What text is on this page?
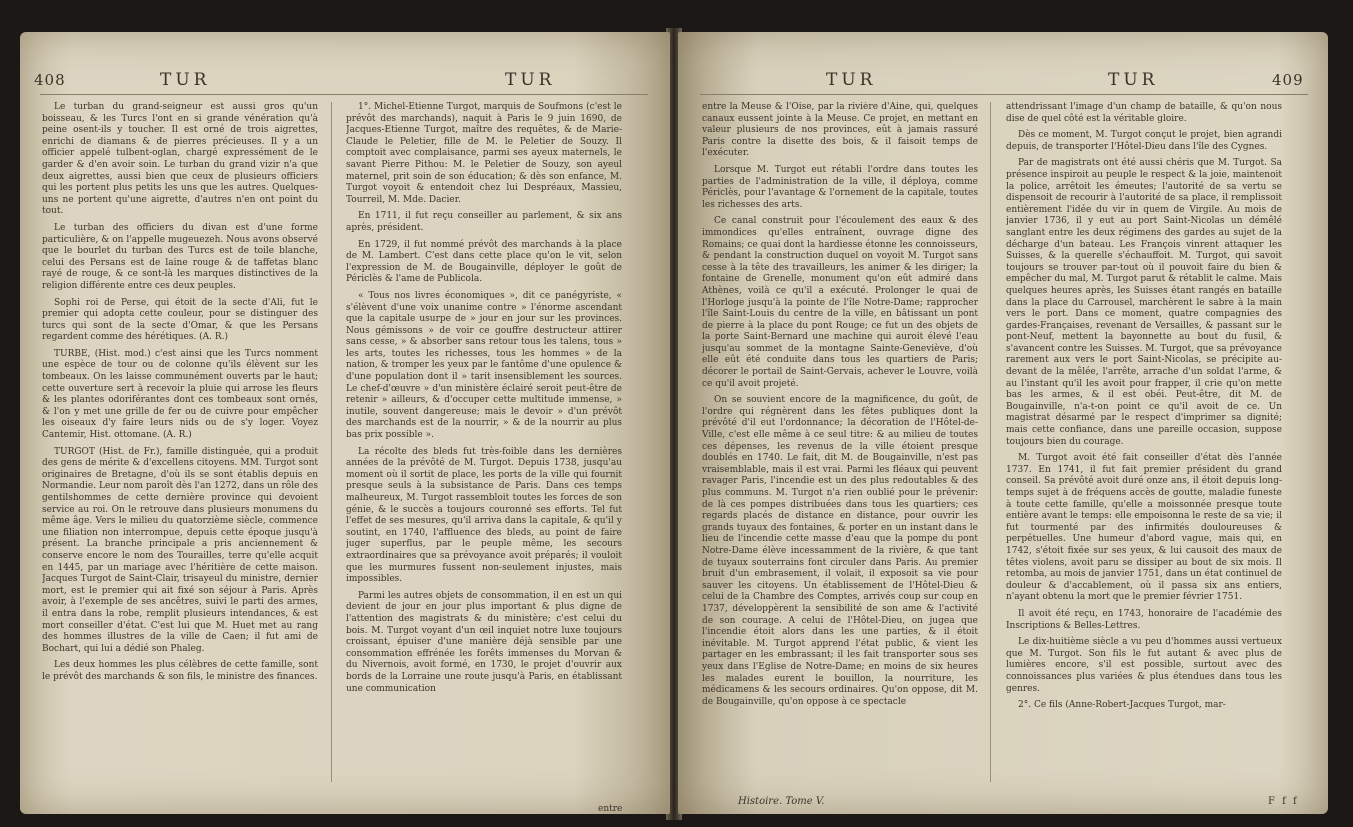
408	TUR	TUR

Le turban du grand-seigneur est aussi gros qu'un boisseau, & les Turcs l'ont en si grande vénération qu'à peine osent-ils y toucher. Il est orné de trois aigrettes, enrichi de diamans & de pierres précieuses. Il y a un officier appelé tulbent-oglan, chargé expressément de le garder & d'en avoir soin. Le turban du grand vizir n'a que deux aigrettes, aussi bien que ceux de plusieurs officiers qui les portent plus petits les uns que les autres. Quelques-uns ne portent qu'une aigrette, d'autres n'en ont point du tout.

Le turban des officiers du divan est d'une forme particulière, & on l'appelle mugeuezeh. Nous avons observé que le bourlet du turban des Turcs est de toile blanche, celui des Persans est de laine rouge & de taffetas blanc rayé de rouge, & ce sont-là les marques distinctives de la religion différente entre ces deux peuples.

Sophi roi de Perse, qui étoit de la secte d'Ali, fut le premier qui adopta cette couleur, pour se distinguer des turcs qui sont de la secte d'Omar, & que les Persans regardent comme des hérétiques. (A. R.)

TURBE, (Hist. mod.) c'est ainsi que les Turcs nomment une espèce de tour ou de colonne qu'ils élèvent sur les tombeaux. On les laisse communément ouverts par le haut; cette ouverture sert à recevoir la pluie qui arrose les fleurs & les plantes odoriférantes dont ces tombeaux sont ornés, & l'on y met une grille de fer ou de cuivre pour empêcher les oiseaux d'y faire leurs nids ou de s'y loger. Voyez Cantemir, Hist. ottomane. (A. R.)

TURGOT (Hist. de Fr.), famille distinguée, qui a produit des gens de mérite & d'excellens citoyens. MM. Turgot sont originaires de Bretagne, d'où ils se sont établis depuis en Normandie. Leur nom paroît dès l'an 1272, dans un rôle des gentilshommes de cette dernière province qui devoient service au roi. On le retrouve dans plusieurs monumens du même âge. Vers le milieu du quatorzième siècle, commence une filiation non interrompue, depuis cette époque jusqu'à présent. La branche principale a pris anciennement & conserve encore le nom des Tourailles, terre qu'elle acquit en 1445, par un mariage avec l'héritière de cette maison. Jacques Turgot de Saint-Clair, trisayeul du ministre, dernier mort, est le premier qui ait fixé son séjour à Paris. Après avoir, à l'exemple de ses ancêtres, suivi le parti des armes, il entra dans la robe, remplit plusieurs intendances, & est mort conseiller d'état. C'est lui que M. Huet met au rang des hommes illustres de la ville de Caen; il fut ami de Bochart, qui lui a dédié son Phaleg.

Les deux hommes les plus célèbres de cette famille, sont le prévôt des marchands & son fils, le ministre des finances.

1°. Michel-Etienne Turgot, marquis de Soufmons (c'est le prévôt des marchands), naquit à Paris le 9 juin 1690, de Jacques-Etienne Turgot, maître des requêtes, & de Marie-Claude le Peletier, fille de M. le Peletier de Souzy. Il comptoit avec complaisance, parmi ses ayeux maternels, le savant Pierre Pithou: M. le Peletier de Souzy, son ayeul maternel, prit soin de son éducation; & dès son enfance, M. Turgot voyoit & entendoit chez lui Despréaux, Massieu, Tourreil, M. Mde. Dacier.

En 1711, il fut reçu conseiller au parlement, & six ans après, président.

En 1729, il fut nommé prévôt des marchands à la place de M. Lambert. C'est dans cette place qu'on le vit, selon l'expression de M. de Bougainville, déployer le goût de Périclès & l'ame de Publicola.

« Tous nos livres économiques », dit ce panégyriste, « s'élèvent d'une voix unanime contre » l'énorme ascendant que la capitale usurpe de » jour en jour sur les provinces. Nous gémissons » de voir ce gouffre destructeur attirer sans cesse, » & absorber sans retour tous les talens, tous » les arts, toutes les richesses, tous les hommes » de la nation, & tromper les yeux par le fantôme d'une opulence & d'une population dont il » tarit insensiblement les sources. Le chef-d'œuvre » d'un ministère éclairé seroit peut-être de retenir » ailleurs, & d'occuper cette multitude immense, » inutile, souvent dangereuse; mais le devoir » d'un prévôt des marchands est de la nourrir, » & de la nourrir au plus bas prix possible ».

La récolte des bleds fut très-foible dans les dernières années de la prévôté de M. Turgot. Depuis 1738, jusqu'au moment où il sortit de place, les ports de la ville qui fournit presque seuls à la subsistance de Paris. Dans ces temps malheureux, M. Turgot rassembloit toutes les forces de son génie, & le succès a toujours couronné ses efforts. Tel fut l'effet de ses mesures, qu'il arriva dans la capitale, & qu'il y soutint, en 1740, l'affluence des bleds, au point de faire juger superflus, par le peuple même, les secours extraordinaires que sa prévoyance avoit préparés; il vouloit que les murmures fussent non-seulement injustes, mais impossibles.

Parmi les autres objets de consommation, il en est un qui devient de jour en jour plus important & plus digne de l'attention des magistrats & du ministère; c'est celui du bois. M. Turgot voyant d'un œil inquiet notre luxe toujours croissant, épuiser d'une manière déjà sensible par une consommation effrénée les forêts immenses du Morvan & du Nivernois, avoit formé, en 1730, le projet d'ouvrir aux bords de la Lorraine une route jusqu'à Paris, en établissant une communication

entre
TUR	TUR	409

entre la Meuse & l'Oise, par la rivière d'Aine, qui, quelques canaux eussent jointe à la Meuse. Ce projet, en mettant en valeur plusieurs de nos provinces, eût à jamais rassuré Paris contre la disette des bois, & il faisoit temps de l'exécuter.

Lorsque M. Turgot eut rétabli l'ordre dans toutes les parties de l'administration de la ville, il déploya, comme Périclès, pour l'avantage & l'ornement de la capitale, toutes les richesses des arts.

Ce canal construit pour l'écoulement des eaux & des immondices qu'elles entraînent, ouvrage digne des Romains; ce quai dont la hardiesse étonne les connoisseurs, & pendant la construction duquel on voyoit M. Turgot sans cesse à la tête des travailleurs, les animer & les diriger; la fontaine de Grenelle, monument qu'on eût admiré dans Athènes, voilà ce qu'il a exécuté. Prolonger le quai de l'Horloge jusqu'à la pointe de l'île Notre-Dame; rapprocher l'île Saint-Louis du centre de la ville, en bâtissant un pont de pierre à la place du pont Rouge; ce fut un des objets de la porte Saint-Bernard une machine qui auroit élevé l'eau jusqu'au sommet de la montagne Sainte-Geneviève, d'où elle eût été conduite dans tous les quartiers de Paris; décorer le portail de Saint-Gervais, achever le Louvre, voilà ce qu'il avoit projeté.

On se souvient encore de la magnificence, du goût, de l'ordre qui régnèrent dans les fêtes publiques dont la prévôté d'il eut l'ordonnance; la décoration de l'Hôtel-de-Ville, c'est elle même à ce seul titre: & au milieu de toutes ces dépenses, les revenus de la ville étoient presque doublés en 1740. Le fait, dit M. de Bougainville, n'est pas vraisemblable, mais il est vrai. Parmi les fléaux qui peuvent ravager Paris, l'incendie est un des plus redoutables & des plus communs. M. Turgot n'a rien oublié pour le prévenir: de là ces pompes distribuées dans tous les quartiers; ces regards placés de distance en distance, pour ouvrir les grands tuyaux des fontaines, & porter en un instant dans le lieu de l'incendie cette masse d'eau que la pompe du pont Notre-Dame élève incessamment de la rivière, & que tant de tuyaux souterrains font circuler dans Paris. Au premier bruit d'un embrasement, il volait, il exposoit sa vie pour sauver les citoyens. Un établissement de l'Hôtel-Dieu & celui de la Chambre des Comptes, arrivés coup sur coup en 1737, développèrent la sensibilité de son ame & l'activité de son courage. A celui de l'Hôtel-Dieu, on jugea que l'incendie étoit alors dans les une parties, & il étoit inévitable. M. Turgot apprend l'état public, & vient les partager en les embrassant; il les fait transporter sous ses yeux dans l'Eglise de Notre-Dame; en moins de six heures les malades eurent le bouillon, la nourriture, les médicamens & les secours ordinaires. Qu'on oppose, dit M. de Bougainville, qu'on oppose à ce spectacle

attendrissant l'image d'un champ de bataille, & qu'on nous dise de quel côté est la véritable gloire.

Dès ce moment, M. Turgot conçut le projet, bien agrandi depuis, de transporter l'Hôtel-Dieu dans l'île des Cygnes.

Par de magistrats ont été aussi chéris que M. Turgot. Sa présence inspiroit au peuple le respect & la joie, maintenoit la police, arrêtoit les émeutes; l'autorité de sa vertu se dispensoit de recourir à l'autorité de sa place, il remplissoit entièrement l'idée du vir in quem de Virgile. Au mois de janvier 1736, il y eut au port Saint-Nicolas un démêlé sanglant entre les deux régimens des gardes au sujet de la décharge d'un bateau. Les François vinrent attaquer les Suisses, & la querelle s'échauffoit. M. Turgot, qui savoit toujours se trouver par-tout où il pouvoit faire du bien & empêcher du mal, M. Turgot parut & rétablit le calme. Mais quelques heures après, les Suisses étant rangés en bataille dans la place du Carrousel, marchèrent le sabre à la main vers le port. Dans ce moment, quatre compagnies des gardes-Françaises, revenant de Versailles, & passant sur le pont-Neuf, mettent la bayonnette au bout du fusil, & s'avancent contre les Suisses. M. Turgot, que sa prévoyance rarement aux vers le port Saint-Nicolas, se précipite au-devant de la mêlée, l'arrête, arrache d'un soldat l'arme, & au l'instant qu'il les avoit pour frapper, il crie qu'on mette bas les armes, & il est obéi. Peut-être, dit M. de Bougainville, n'a-t-on point ce qu'il avoit de ce. Un magistrat désarmé par le respect d'imprimer sa dignité; mais cette confiance, dans une pareille occasion, suppose toujours bien du courage.

M. Turgot avoit été fait conseiller d'état dès l'année 1737. En 1741, il fut fait premier président du grand conseil. Sa prévôté avoit duré onze ans, il étoit depuis long-temps sujet à de fréquens accès de goutte, maladie funeste à toute cette famille, qu'elle a moissonnée presque toute entière avant le temps: elle empoisonna le reste de sa vie; il fut tourmenté par des infirmités douloureuses & perpétuelles. Une humeur d'abord vague, mais qui, en 1742, s'étoit fixée sur ses yeux, & lui causoit des maux de têtes violens, avoit paru se dissiper au bout de six mois. Il retomba, au mois de janvier 1751, dans un état continuel de douleur & d'accablement, où il passa six ans entiers, n'ayant obtenu la mort que le premier février 1751.

Il avoit été reçu, en 1743, honoraire de l'académie des Inscriptions & Belles-Lettres.

Le dix-huitième siècle a vu peu d'hommes aussi vertueux que M. Turgot. Son fils le fut autant & avec plus de lumières encore, s'il est possible, surtout avec des connoissances plus variées & plus étendues dans tous les genres.

2°. Ce fils (Anne-Robert-Jacques Turgot, mar-

Histoire. Tome V.	F f f
